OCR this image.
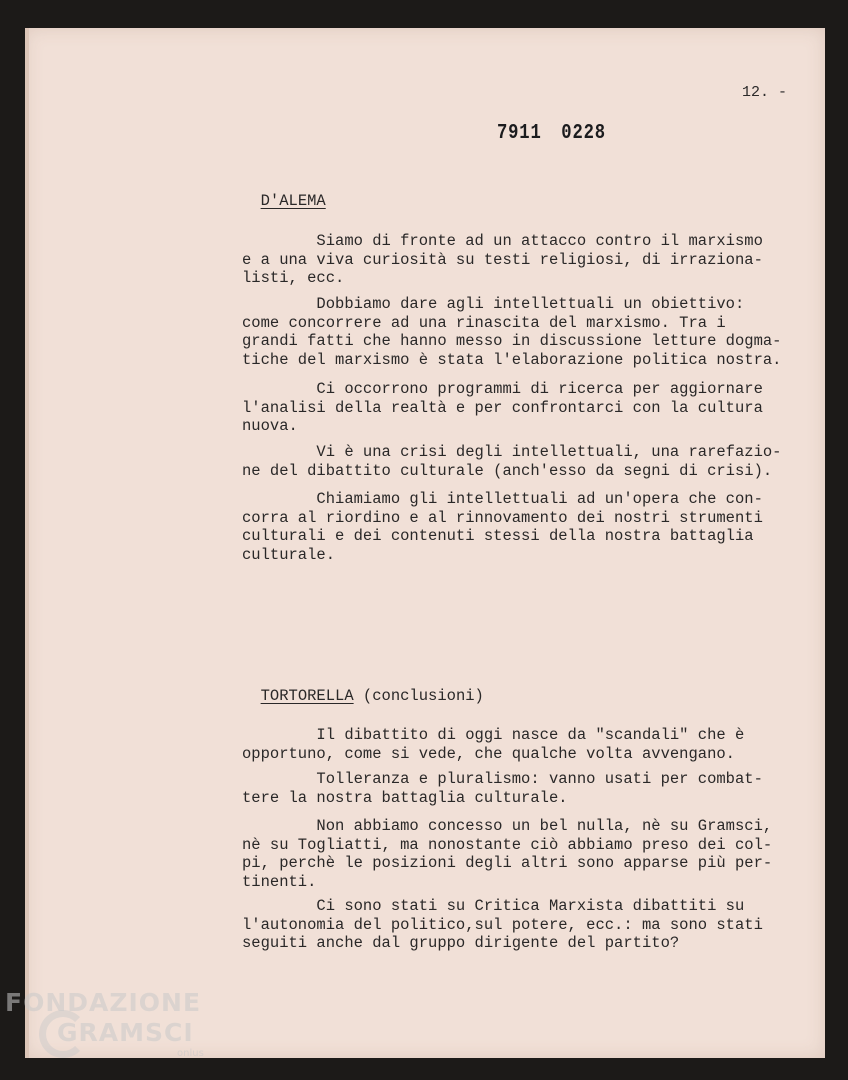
12. -
7911 0228

D'ALEMA

Siamo di fronte ad un attacco contro il marxismo
e a una viva curiosità su testi religiosi, di irraziona-
listi, ecc.

Dobbiamo dare agli intellettuali un obiettivo:
come concorrere ad una rinascita del marxismo. Tra i
grandi fatti che hanno messo in discussione letture dogma-
tiche del marxismo è stata l'elaborazione politica nostra.

Ci occorrono programmi di ricerca per aggiornare
l'analisi della realtà e per confrontarci con la cultura
nuova.

Vi è una crisi degli intellettuali, una rarefazio-
ne del dibattito culturale (anch'esso da segni di crisi).

Chiamiamo gli intellettuali ad un'opera che con-
corra al riordino e al rinnovamento dei nostri strumenti
culturali e dei contenuti stessi della nostra battaglia
culturale.

TORTORELLA (conclusioni)

Il dibattito di oggi nasce da "scandali" che è
opportuno, come si vede, che qualche volta avvengano.

Tolleranza e pluralismo: vanno usati per combat-
tere la nostra battaglia culturale.

Non abbiamo concesso un bel nulla, nè su Gramsci,
nè su Togliatti, ma nonostante ciò abbiamo preso dei col-
pi, perchè le posizioni degli altri sono apparse più per-
tinenti.

Ci sono stati su Critica Marxista dibattiti su
l'autonomia del politico,sul potere, ecc.: ma sono stati
seguiti anche dal gruppo dirigente del partito?

FONDAZIONE
GRAMSCI
onlus
